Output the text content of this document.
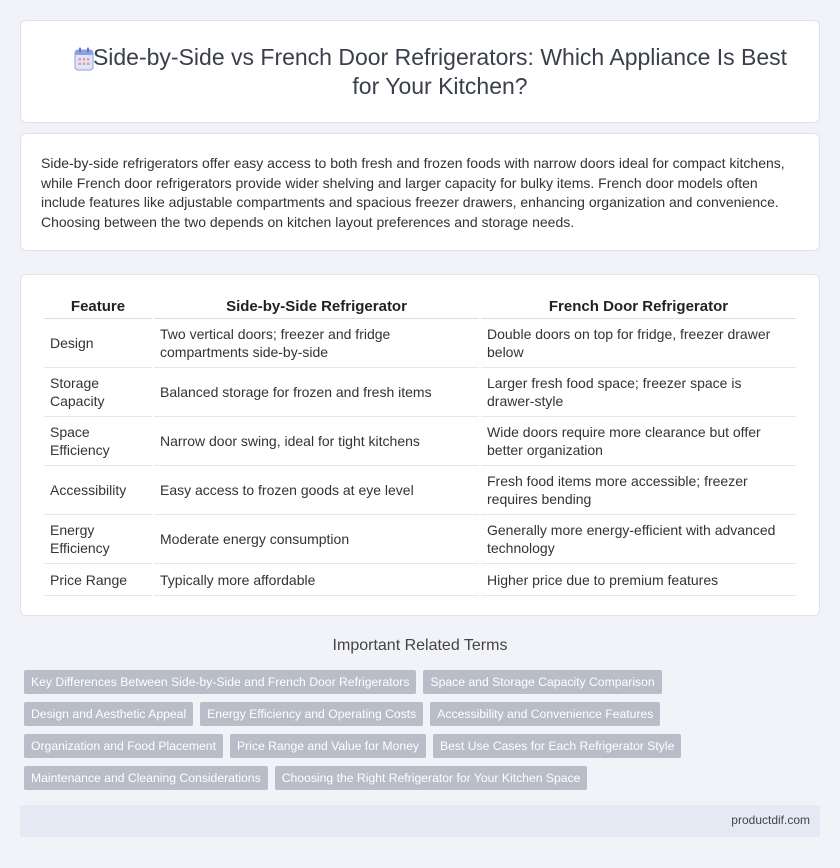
Side-by-Side vs French Door Refrigerators: Which Appliance Is Best for Your Kitchen?

Side-by-side refrigerators offer easy access to both fresh and frozen foods with narrow doors ideal for compact kitchens, while French door refrigerators provide wider shelving and larger capacity for bulky items. French door models often include features like adjustable compartments and spacious freezer drawers, enhancing organization and convenience. Choosing between the two depends on kitchen layout preferences and storage needs.

Feature	Side-by-Side Refrigerator	French Door Refrigerator
Design	Two vertical doors; freezer and fridge compartments side-by-side	Double doors on top for fridge, freezer drawer below
Storage Capacity	Balanced storage for frozen and fresh items	Larger fresh food space; freezer space is drawer-style
Space Efficiency	Narrow door swing, ideal for tight kitchens	Wide doors require more clearance but offer better organization
Accessibility	Easy access to frozen goods at eye level	Fresh food items more accessible; freezer requires bending
Energy Efficiency	Moderate energy consumption	Generally more energy-efficient with advanced technology
Price Range	Typically more affordable	Higher price due to premium features
Important Related Terms
Key Differences Between Side-by-Side and French Door Refrigerators	Space and Storage Capacity Comparison
Design and Aesthetic Appeal	Energy Efficiency and Operating Costs	Accessibility and Convenience Features
Organization and Food Placement	Price Range and Value for Money	Best Use Cases for Each Refrigerator Style
Maintenance and Cleaning Considerations	Choosing the Right Refrigerator for Your Kitchen Space
productdif.com
